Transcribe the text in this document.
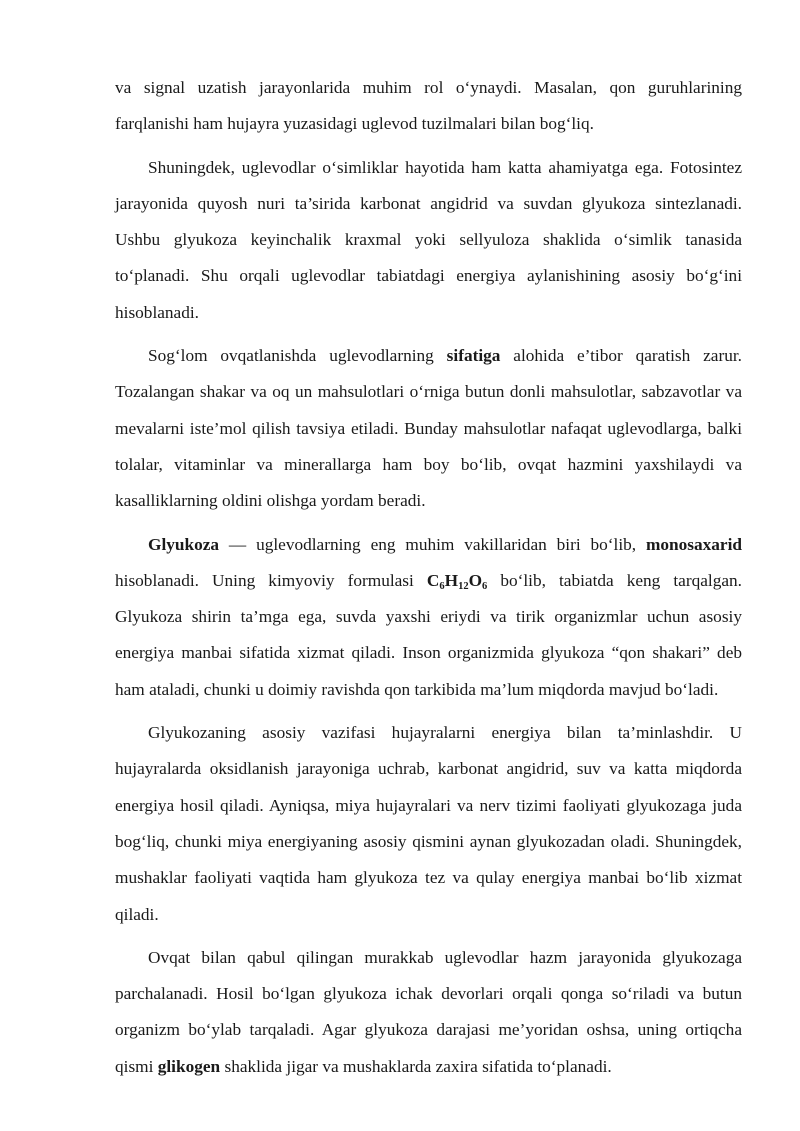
va signal uzatish jarayonlarida muhim rol o‘ynaydi. Masalan, qon guruhlarining farqlanishi ham hujayra yuzasidagi uglevod tuzilmalari bilan bog‘liq.

Shuningdek, uglevodlar o‘simliklar hayotida ham katta ahamiyatga ega. Fotosintez jarayonida quyosh nuri ta’sirida karbonat angidrid va suvdan glyukoza sintezlanadi. Ushbu glyukoza keyinchalik kraxmal yoki sellyuloza shaklida o‘simlik tanasida to‘planadi. Shu orqali uglevodlar tabiatdagi energiya aylanishining asosiy bo‘g‘ini hisoblanadi.

Sog‘lom ovqatlanishda uglevodlarning sifatiga alohida e’tibor qaratish zarur. Tozalangan shakar va oq un mahsulotlari o‘rniga butun donli mahsulotlar, sabzavotlar va mevalarni iste’mol qilish tavsiya etiladi. Bunday mahsulotlar nafaqat uglevodlarga, balki tolalar, vitaminlar va minerallarga ham boy bo‘lib, ovqat hazmini yaxshilaydi va kasalliklarning oldini olishga yordam beradi.

Glyukoza — uglevodlarning eng muhim vakillaridan biri bo‘lib, monosaxarid hisoblanadi. Uning kimyoviy formulasi $C_6H_{12}O_6$ bo‘lib, tabiatda keng tarqalgan. Glyukoza shirin ta’mga ega, suvda yaxshi eriydi va tirik organizmlar uchun asosiy energiya manbai sifatida xizmat qiladi. Inson organizmida glyukoza “qon shakari” deb ham ataladi, chunki u doimiy ravishda qon tarkibida ma’lum miqdorda mavjud bo‘ladi.

Glyukozaning asosiy vazifasi hujayralarni energiya bilan ta’minlashdir. U hujayralarda oksidlanish jarayoniga uchrab, karbonat angidrid, suv va katta miqdorda energiya hosil qiladi. Ayniqsa, miya hujayralari va nerv tizimi faoliyati glyukozaga juda bog‘liq, chunki miya energiyaning asosiy qismini aynan glyukozadan oladi. Shuningdek, mushaklar faoliyati vaqtida ham glyukoza tez va qulay energiya manbai bo‘lib xizmat qiladi.

Ovqat bilan qabul qilingan murakkab uglevodlar hazm jarayonida glyukozaga parchalanadi. Hosil bo‘lgan glyukoza ichak devorlari orqali qonga so‘riladi va butun organizm bo‘ylab tarqaladi. Agar glyukoza darajasi me’yoridan oshsa, uning ortiqcha qismi glikogen shaklida jigar va mushaklarda zaxira sifatida to‘planadi.
